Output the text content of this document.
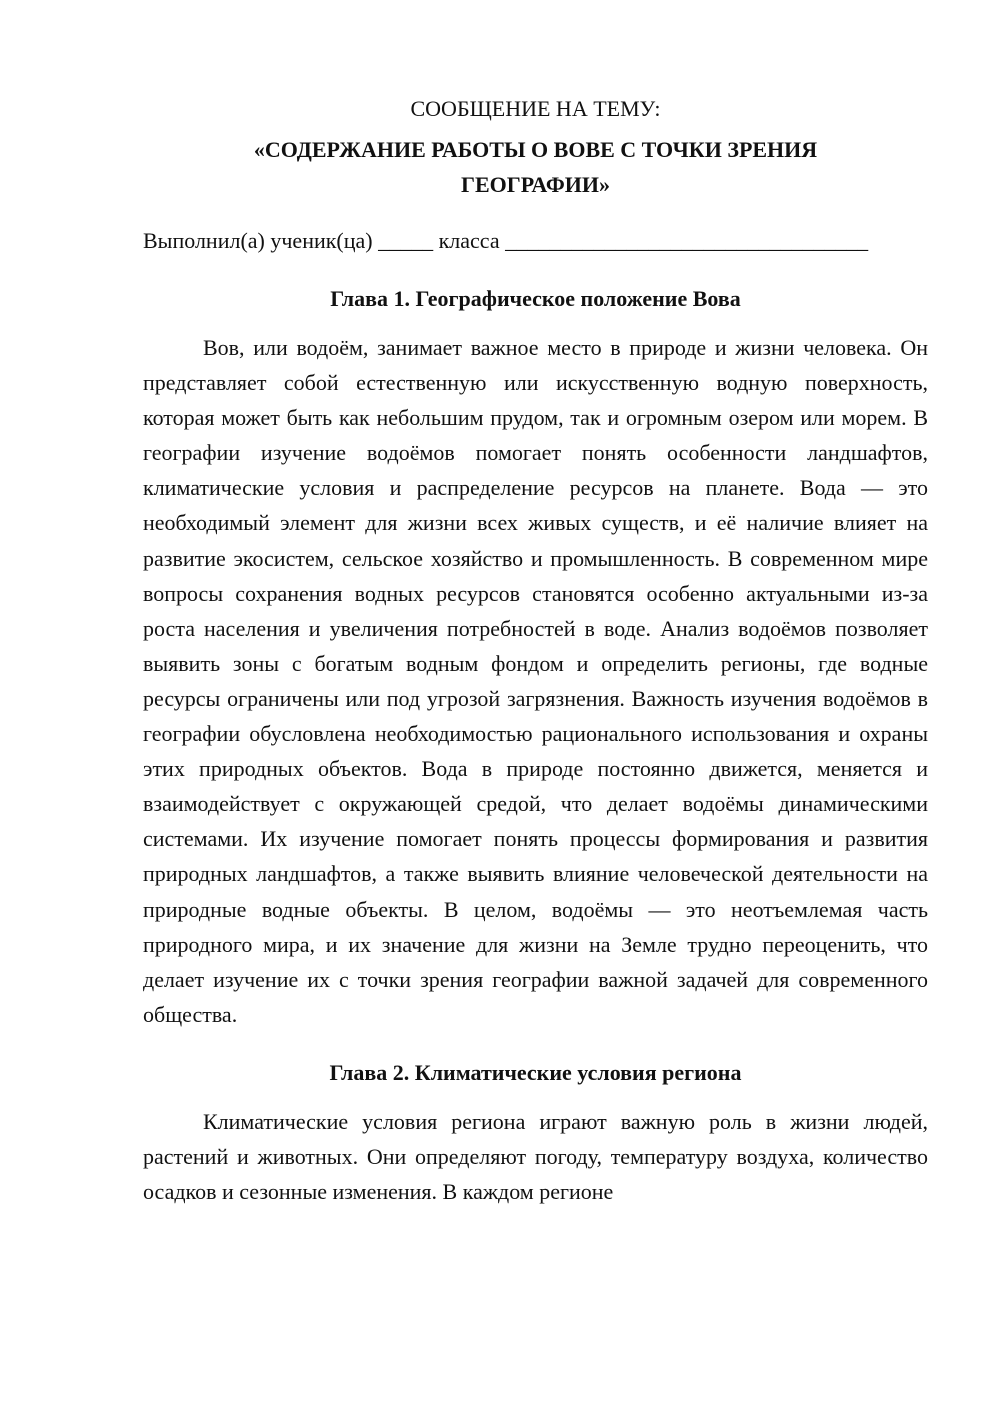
СООБЩЕНИЕ НА ТЕМУ:

«СОДЕРЖАНИЕ РАБОТЫ О ВОВЕ С ТОЧКИ ЗРЕНИЯ ГЕОГРАФИИ»

Выполнил(а) ученик(ца) _____ класса _________________________________
Глава 1. Географическое положение Вова

Вов, или водоём, занимает важное место в природе и жизни человека. Он представляет собой естественную или искусственную водную поверхность, которая может быть как небольшим прудом, так и огромным озером или морем. В географии изучение водоёмов помогает понять особенности ландшафтов, климатические условия и распределение ресурсов на планете. Вода — это необходимый элемент для жизни всех живых существ, и её наличие влияет на развитие экосистем, сельское хозяйство и промышленность. В современном мире вопросы сохранения водных ресурсов становятся особенно актуальными из-за роста населения и увеличения потребностей в воде. Анализ водоёмов позволяет выявить зоны с богатым водным фондом и определить регионы, где водные ресурсы ограничены или под угрозой загрязнения. Важность изучения водоёмов в географии обусловлена необходимостью рационального использования и охраны этих природных объектов. Вода в природе постоянно движется, меняется и взаимодействует с окружающей средой, что делает водоёмы динамическими системами. Их изучение помогает понять процессы формирования и развития природных ландшафтов, а также выявить влияние человеческой деятельности на природные водные объекты. В целом, водоёмы — это неотъемлемая часть природного мира, и их значение для жизни на Земле трудно переоценить, что делает изучение их с точки зрения географии важной задачей для современного общества.

Глава 2. Климатические условия региона

Климатические условия региона играют важную роль в жизни людей, растений и животных. Они определяют погоду, температуру воздуха, количество осадков и сезонные изменения. В каждом регионе
